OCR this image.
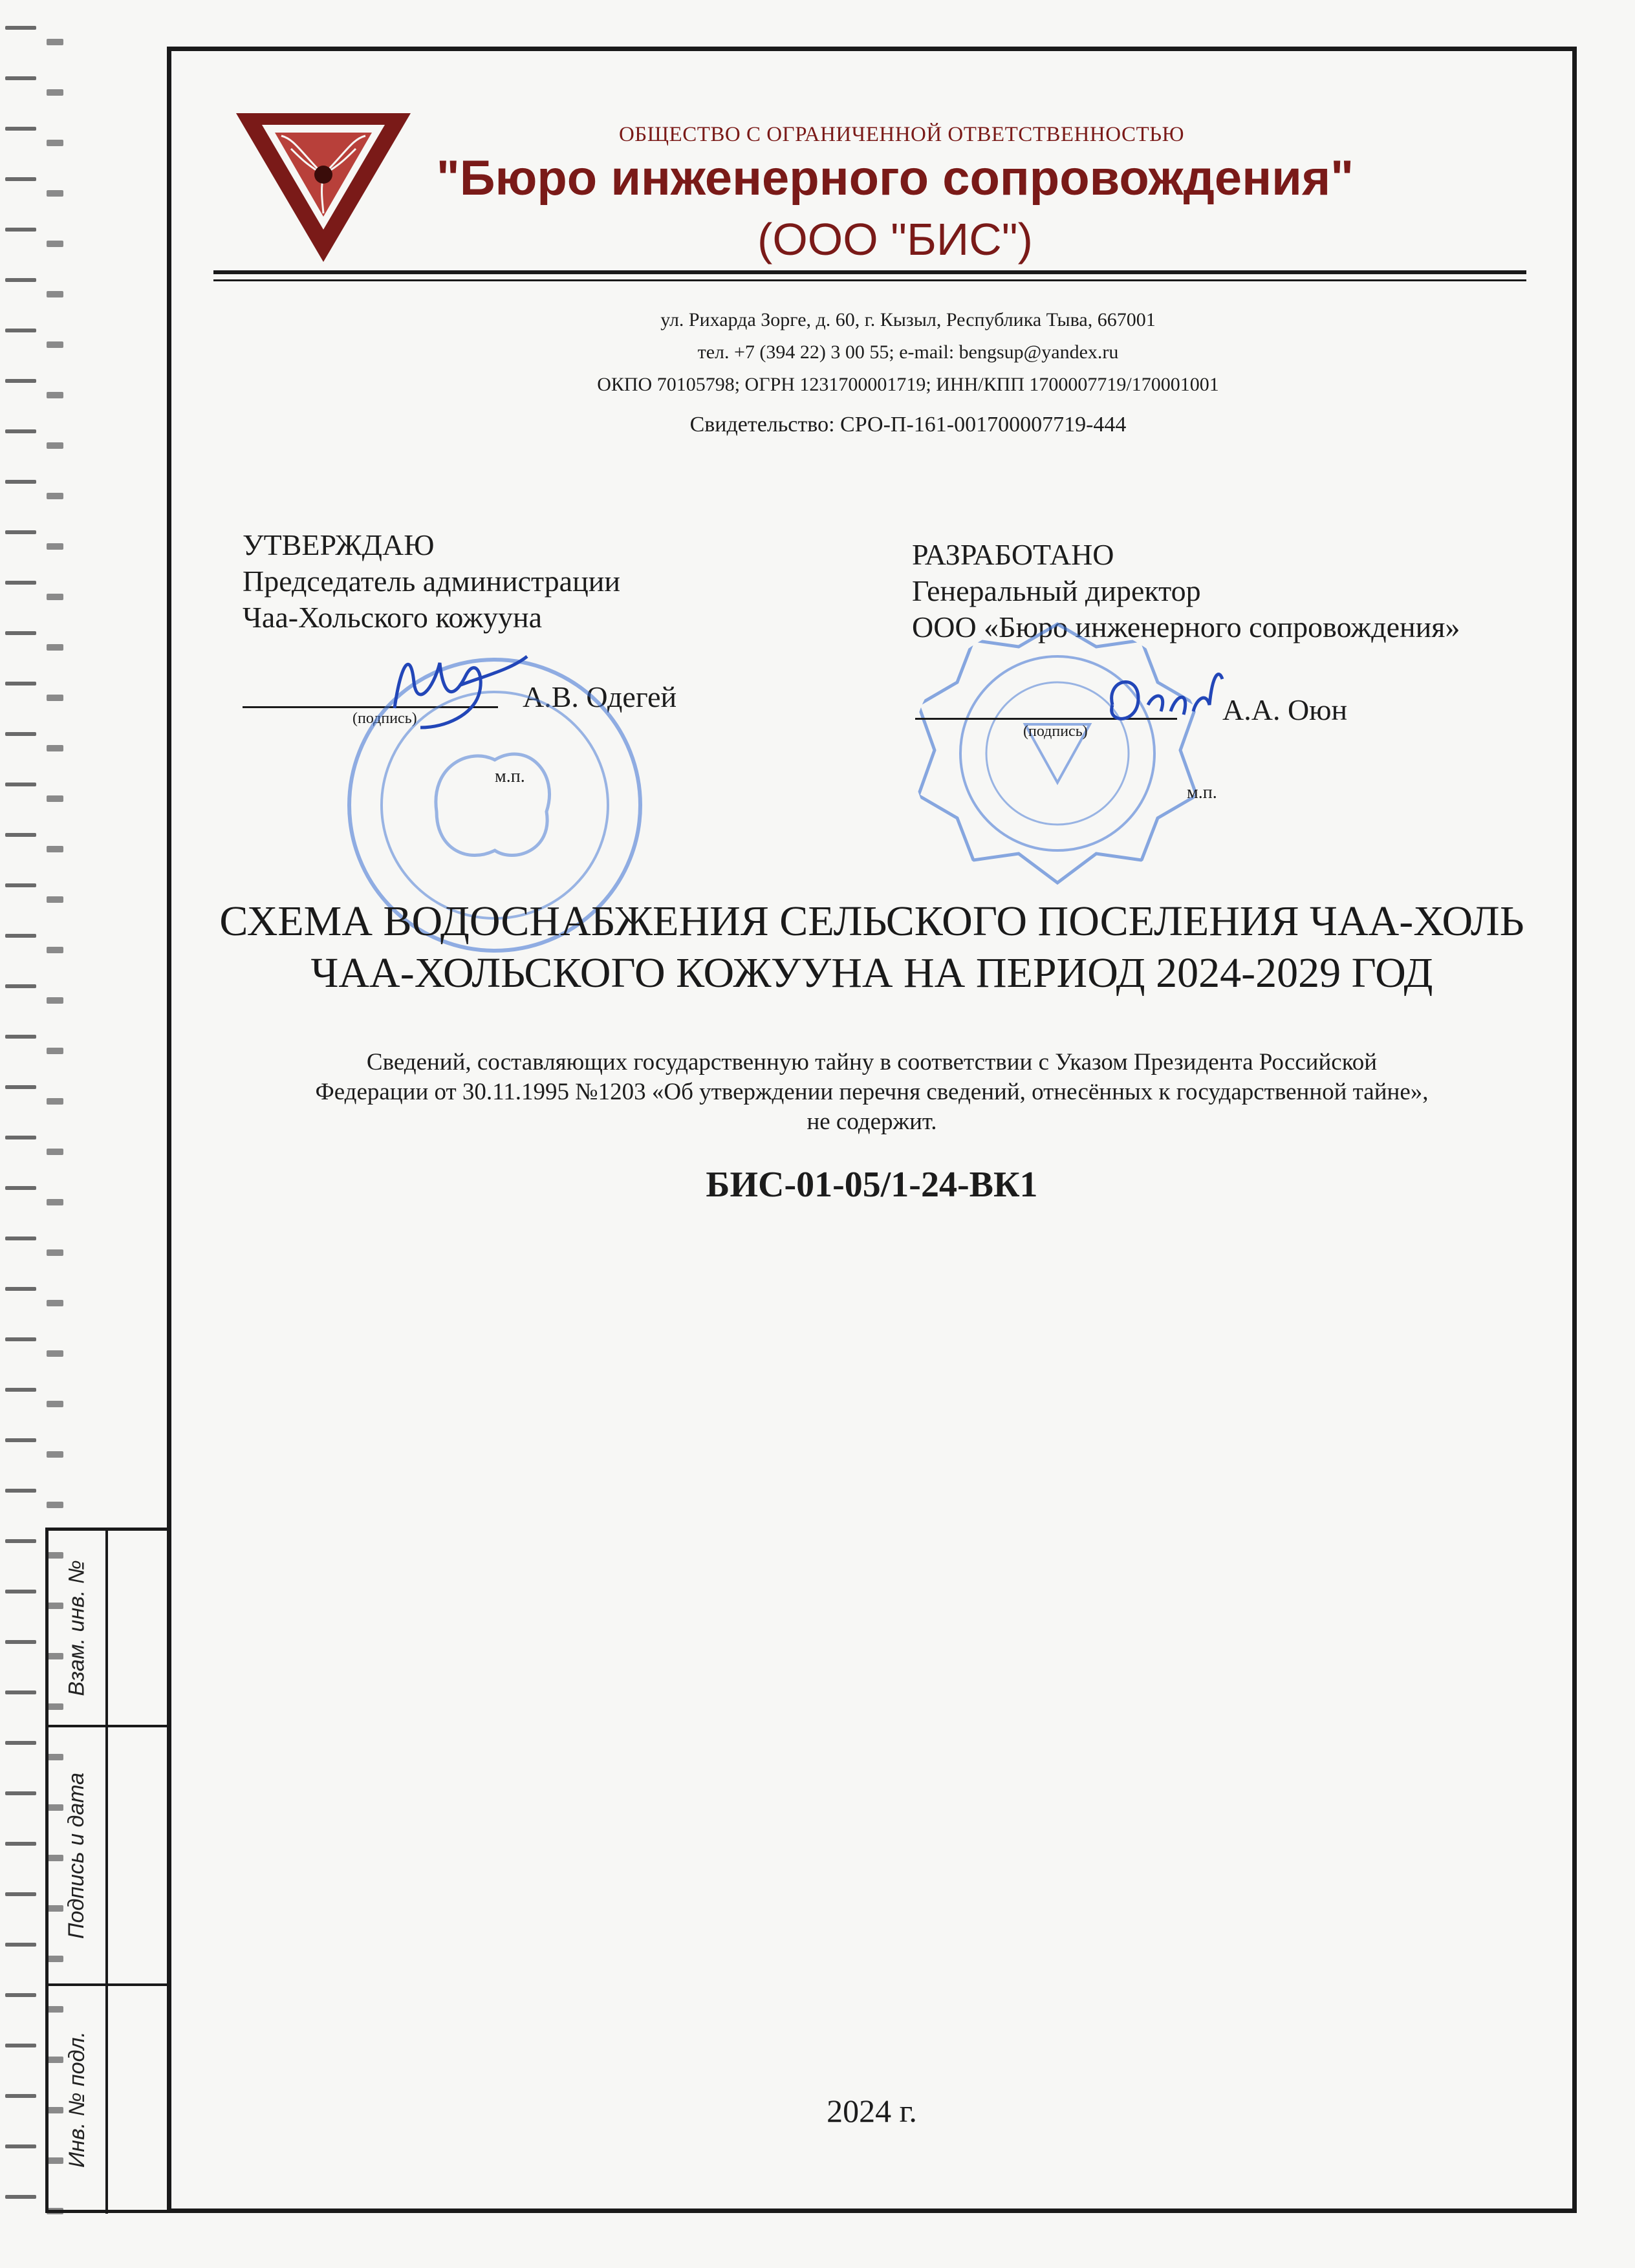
Взам. инв. №
Подпись и дата
Инв. № подл.
ОБЩЕСТВО С ОГРАНИЧЕННОЙ ОТВЕТСТВЕННОСТЬЮ
"Бюро инженерного сопровождения"
(ООО "БИС")
ул. Рихарда Зорге, д. 60, г. Кызыл, Республика Тыва, 667001
тел. +7 (394 22) 3 00 55; e-mail: bengsup@yandex.ru
ОКПО 70105798; ОГРН 1231700001719; ИНН/КПП 1700007719/170001001
Свидетельство: СРО-П-161-001700007719-444
УТВЕРЖДАЮ
Председатель администрации
Чаа-Хольского кожууна
(подпись)
А.В. Одегей
м.п.
РАЗРАБОТАНО
Генеральный директор
ООО «Бюро инженерного сопровождения»
(подпись)
А.А. Оюн
м.п.
СХЕМА ВОДОСНАБЖЕНИЯ СЕЛЬСКОГО ПОСЕЛЕНИЯ ЧАА-ХОЛЬ
ЧАА-ХОЛЬСКОГО КОЖУУНА НА ПЕРИОД 2024-2029 ГОД
Сведений, составляющих государственную тайну в соответствии с Указом Президента Российской
Федерации от 30.11.1995 №1203 «Об утверждении перечня сведений, отнесённых к государственной тайне»,
не содержит.
БИС-01-05/1-24-ВК1
2024 г.
